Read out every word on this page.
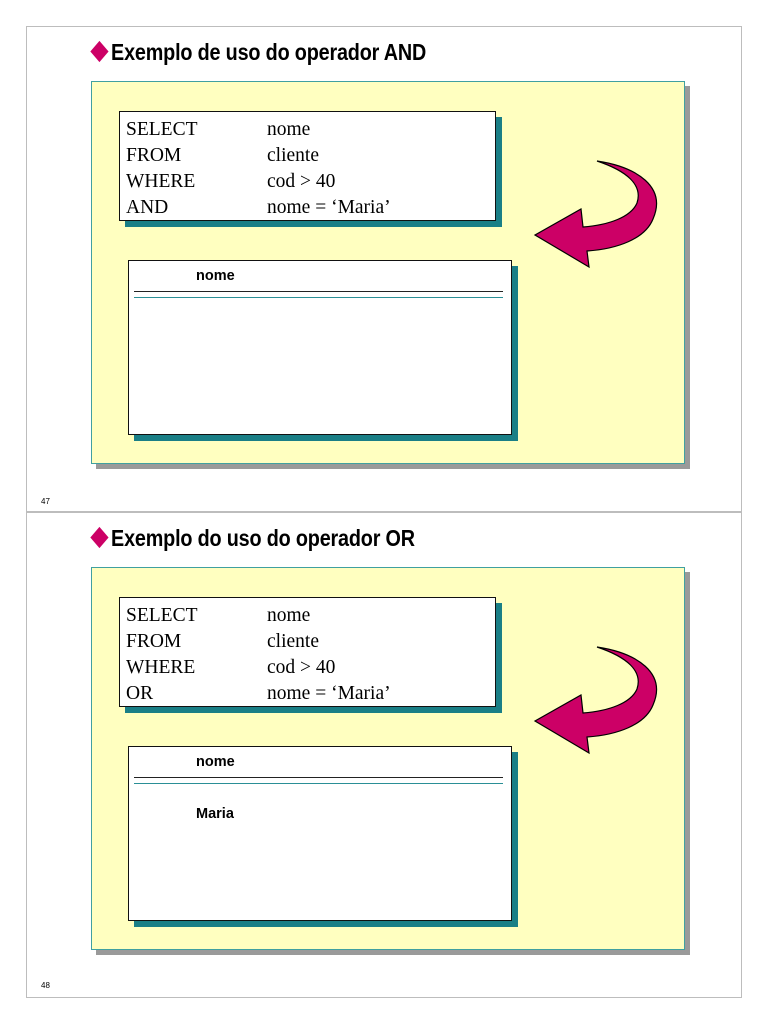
Exemplo de uso do operador AND
SELECT	nome
FROM	cliente
WHERE	cod > 40
AND	nome = ‘Maria’
nome
47
Exemplo do uso do operador OR
SELECT	nome
FROM	cliente
WHERE	cod > 40
OR	nome = ‘Maria’
nome
Maria
48
